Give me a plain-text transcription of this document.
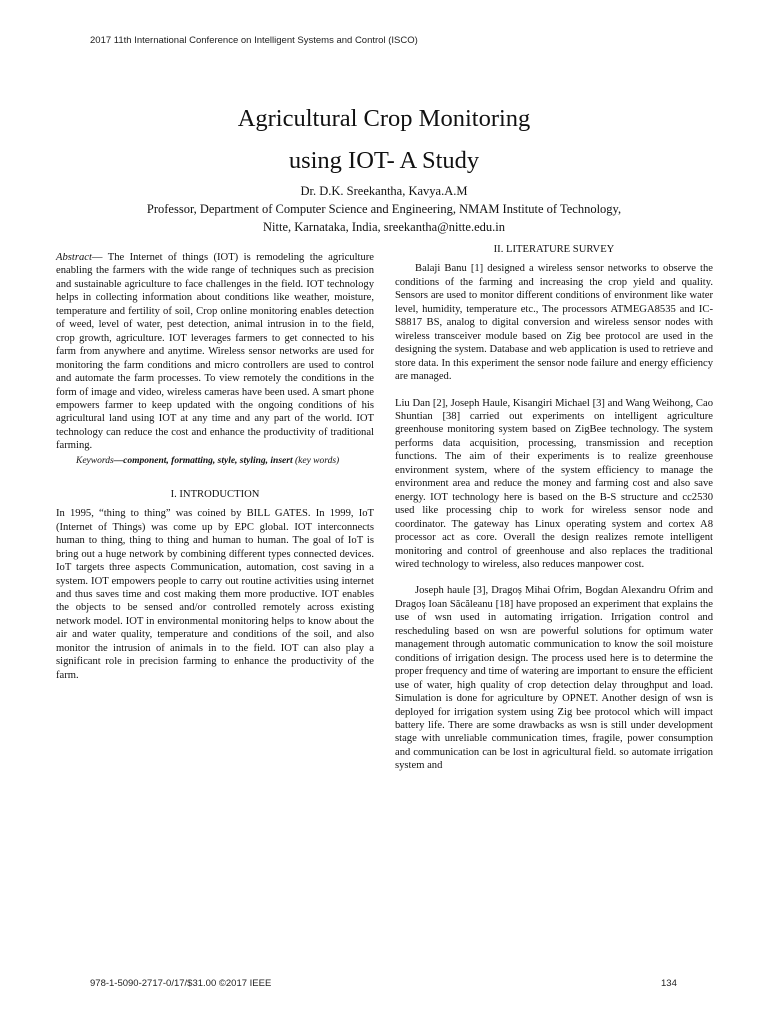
2017 11th International Conference on Intelligent Systems and Control (ISCO)
Agricultural Crop Monitoring
using IOT- A Study
Dr. D.K. Sreekantha, Kavya.A.M
Professor, Department of Computer Science and Engineering, NMAM Institute of Technology,
Nitte, Karnataka, India, sreekantha@nitte.edu.in

Abstract— The Internet of things (IOT) is remodeling the agriculture enabling the farmers with the wide range of techniques such as precision and sustainable agriculture to face challenges in the field. IOT technology helps in collecting information about conditions like weather, moisture, temperature and fertility of soil, Crop online monitoring enables detection of weed, level of water, pest detection, animal intrusion in to the field, crop growth, agriculture. IOT leverages farmers to get connected to his farm from anywhere and anytime. Wireless sensor networks are used for monitoring the farm conditions and micro controllers are used to control and automate the farm processes. To view remotely the conditions in the form of image and video, wireless cameras have been used. A smart phone empowers farmer to keep updated with the ongoing conditions of his agricultural land using IOT at any time and any part of the world. IOT technology can reduce the cost and enhance the productivity of traditional farming.

Keywords—component, formatting, style, styling, insert (key words)

I. INTRODUCTION

In 1995, “thing to thing” was coined by BILL GATES. In 1999, IoT (Internet of Things) was come up by EPC global. IOT interconnects human to thing, thing to thing and human to human. The goal of IoT is bring out a huge network by combining different types connected devices. IoT targets three aspects Communication, automation, cost saving in a system. IOT empowers people to carry out routine activities using internet and thus saves time and cost making them more productive. IOT enables the objects to be sensed and/or controlled remotely across existing network model. IOT in environmental monitoring helps to know about the air and water quality, temperature and conditions of the soil, and also monitor the intrusion of animals in to the field. IOT can also play a significant role in precision farming to enhance the productivity of the farm.

II. LITERATURE SURVEY

Balaji Banu [1] designed a wireless sensor networks to observe the conditions of the farming and increasing the crop yield and quality. Sensors are used to monitor different conditions of environment like water level, humidity, temperature etc., The processors ATMEGA8535 and IC-S8817 BS, analog to digital conversion and wireless sensor nodes with wireless transceiver module based on Zig bee protocol are used in the designing the system. Database and web application is used to retrieve and store data. In this experiment the sensor node failure and energy efficiency are managed.

Liu Dan [2], Joseph Haule, Kisangiri Michael [3] and Wang Weihong, Cao Shuntian [38] carried out experiments on intelligent agriculture greenhouse monitoring system based on ZigBee technology. The system performs data acquisition, processing, transmission and reception functions. The aim of their experiments is to realize greenhouse environment system, where of the system efficiency to manage the environment area and reduce the money and farming cost and also save energy. IOT technology here is based on the B-S structure and cc2530 used like processing chip to work for wireless sensor node and coordinator. The gateway has Linux operating system and cortex A8 processor act as core. Overall the design realizes remote intelligent monitoring and control of greenhouse and also replaces the traditional wired technology to wireless, also reduces manpower cost.

Joseph haule [3], Dragoș Mihai Ofrim, Bogdan Alexandru Ofrim and Dragoș Ioan Săcăleanu [18] have proposed an experiment that explains the use of wsn used in automating irrigation. Irrigation control and rescheduling based on wsn are powerful solutions for optimum water management through automatic communication to know the soil moisture conditions of irrigation design. The process used here is to determine the proper frequency and time of watering are important to ensure the efficient use of water, high quality of crop detection delay throughput and load. Simulation is done for agriculture by OPNET. Another design of wsn is deployed for irrigation system using Zig bee protocol which will impact battery life. There are some drawbacks as wsn is still under development stage with unreliable communication times, fragile, power consumption and communication can be lost in agricultural field. so automate irrigation system and

978-1-5090-2717-0/17/$31.00 ©2017 IEEE	134
